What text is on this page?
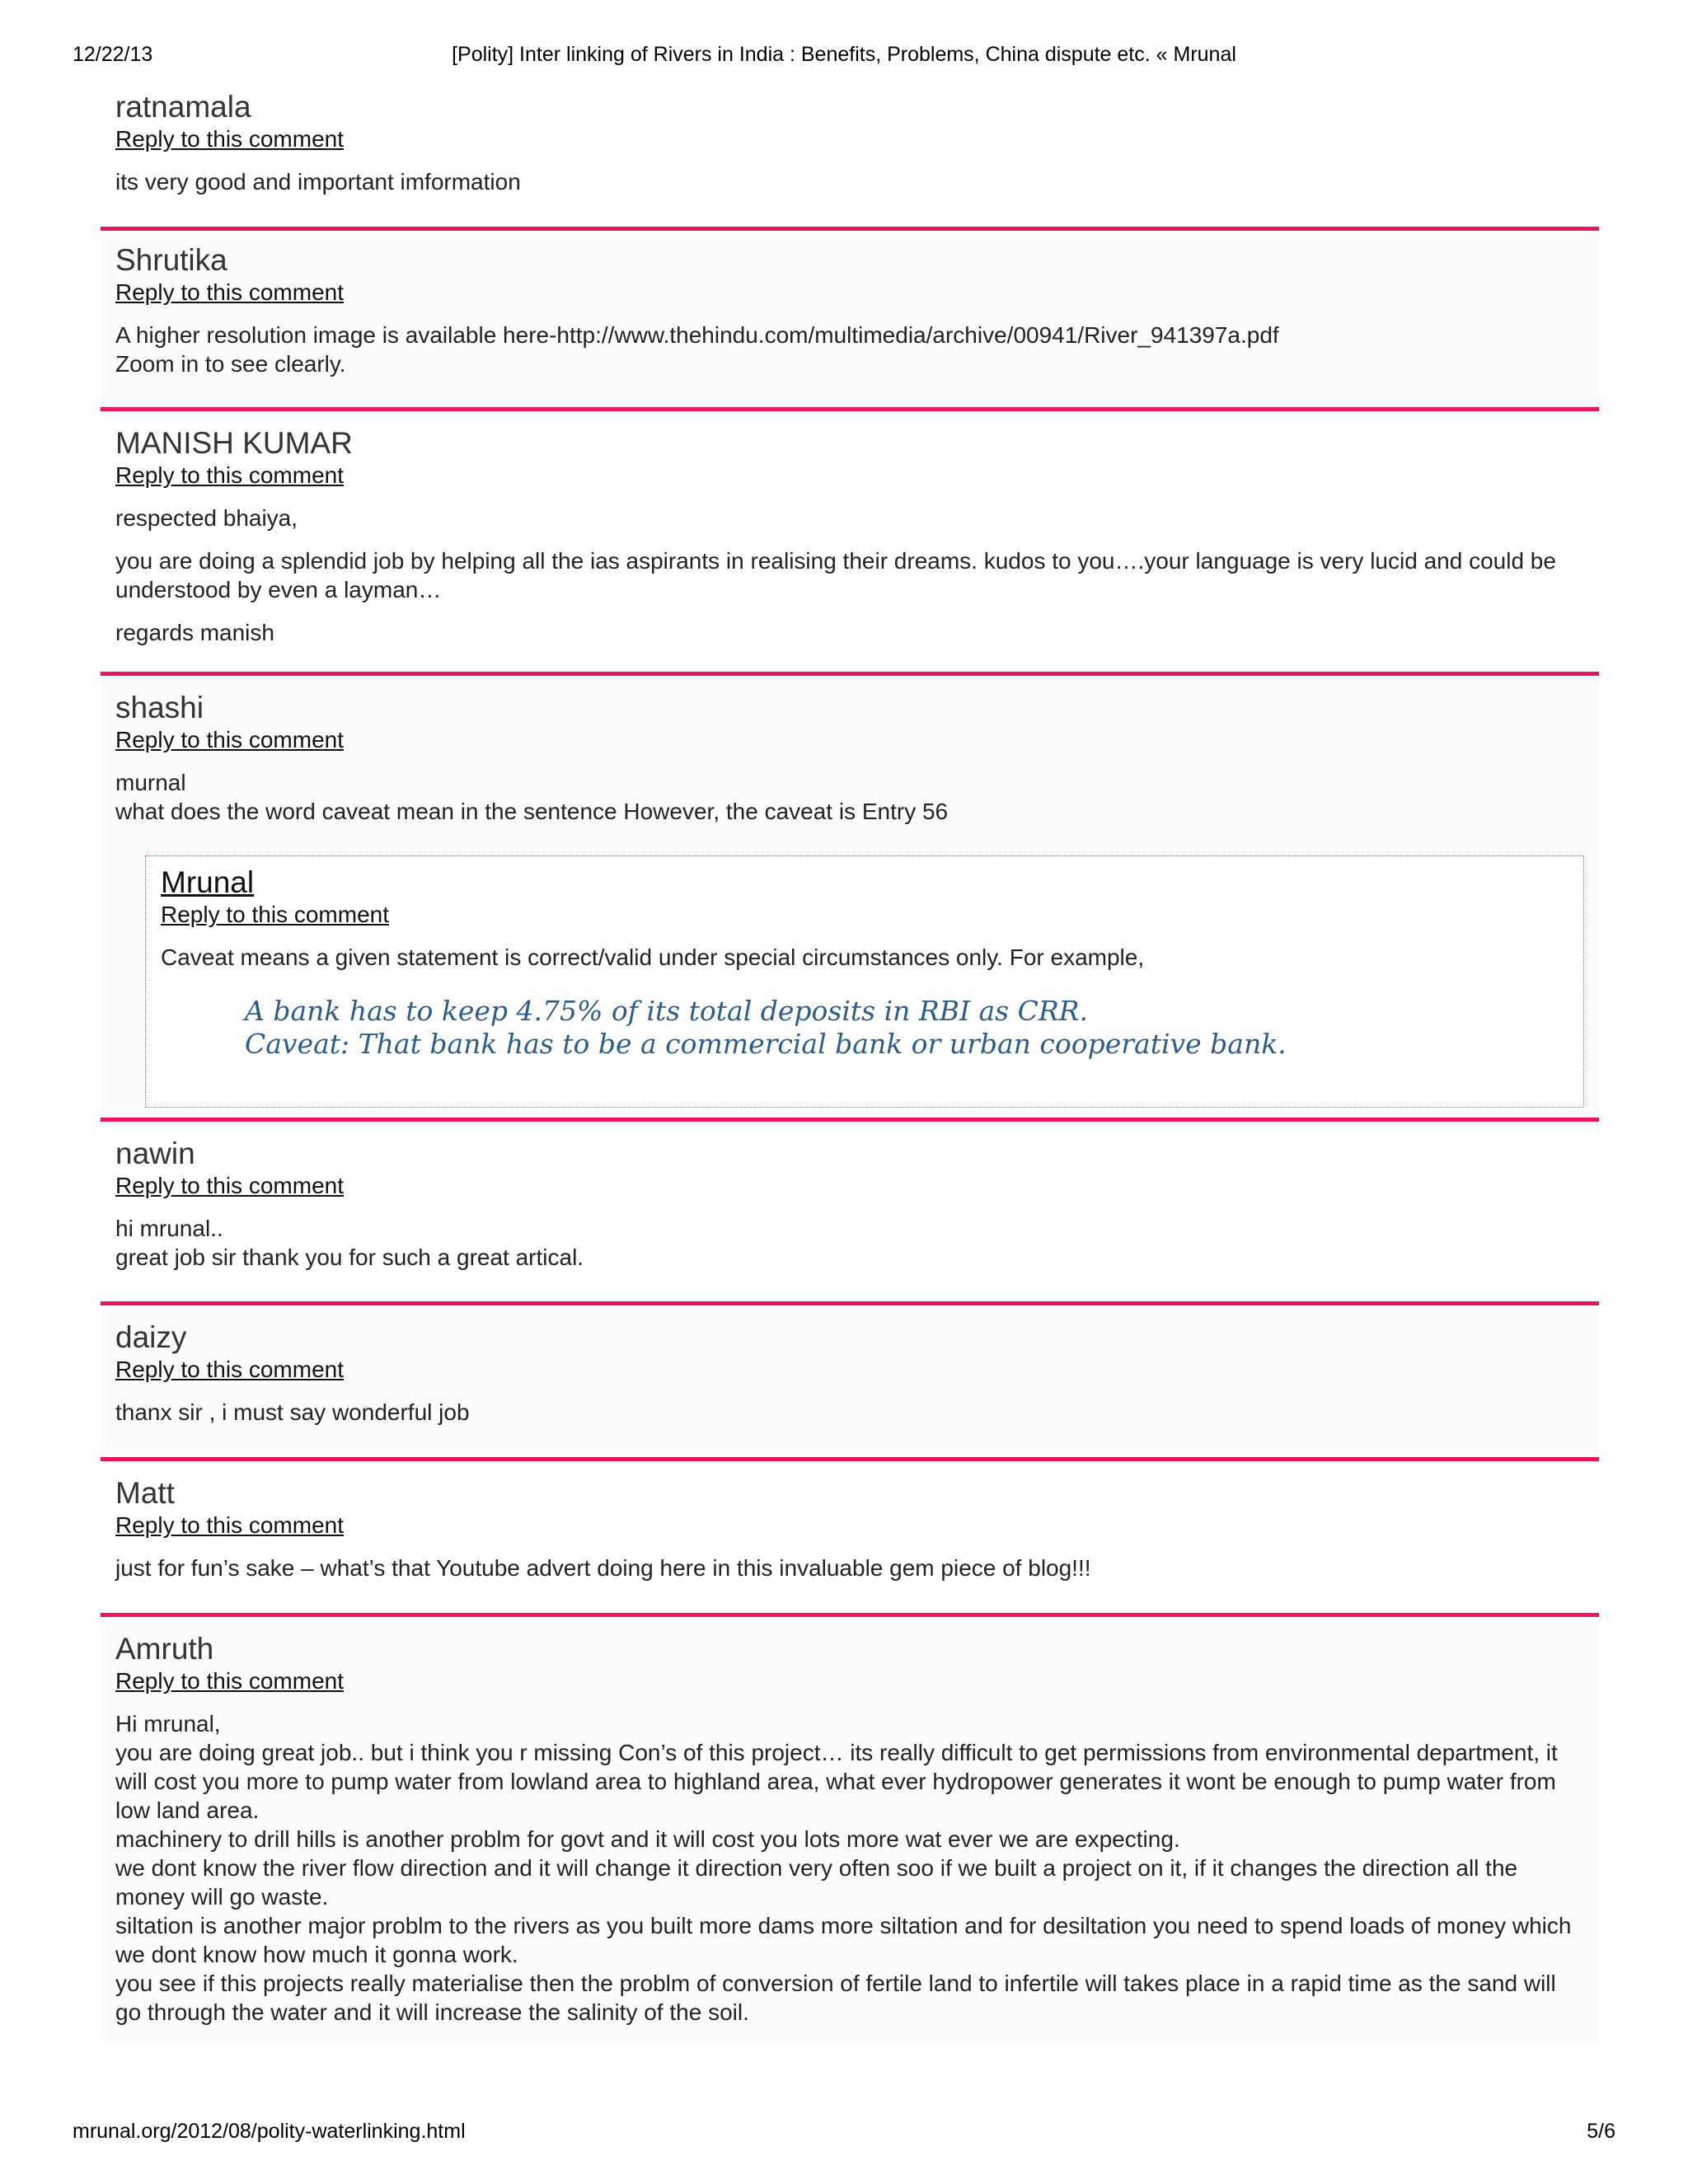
12/22/13	[Polity] Inter linking of Rivers in India : Benefits, Problems, China dispute etc. « Mrunal
ratnamala
Reply to this comment

its very good and important imformation

Shrutika
Reply to this comment

A higher resolution image is available here-http://www.thehindu.com/multimedia/archive/00941/River_941397a.pdf

Zoom in to see clearly.

MANISH KUMAR
Reply to this comment

respected bhaiya,

you are doing a splendid job by helping all the ias aspirants in realising their dreams. kudos to you….your language is very lucid and could be understood by even a layman…

regards manish

shashi
Reply to this comment

murnal

what does the word caveat mean in the sentence However, the caveat is Entry 56

Mrunal
Reply to this comment

Caveat means a given statement is correct/valid under special circumstances only. For example,

A bank has to keep 4.75% of its total deposits in RBI as CRR.

Caveat: That bank has to be a commercial bank or urban cooperative bank.

nawin
Reply to this comment

hi mrunal..

great job sir thank you for such a great artical.

daizy
Reply to this comment

thanx sir , i must say wonderful job

Matt
Reply to this comment

just for fun’s sake – what’s that Youtube advert doing here in this invaluable gem piece of blog!!!

Amruth
Reply to this comment

Hi mrunal,

you are doing great job.. but i think you r missing Con’s of this project… its really difficult to get permissions from environmental department, it will cost you more to pump water from lowland area to highland area, what ever hydropower generates it wont be enough to pump water from low land area.

machinery to drill hills is another problm for govt and it will cost you lots more wat ever we are expecting.

we dont know the river flow direction and it will change it direction very often soo if we built a project on it, if it changes the direction all the money will go waste.

siltation is another major problm to the rivers as you built more dams more siltation and for desiltation you need to spend loads of money which we dont know how much it gonna work.

you see if this projects really materialise then the problm of conversion of fertile land to infertile will takes place in a rapid time as the sand will go through the water and it will increase the salinity of the soil.

mrunal.org/2012/08/polity-waterlinking.html	5/6
